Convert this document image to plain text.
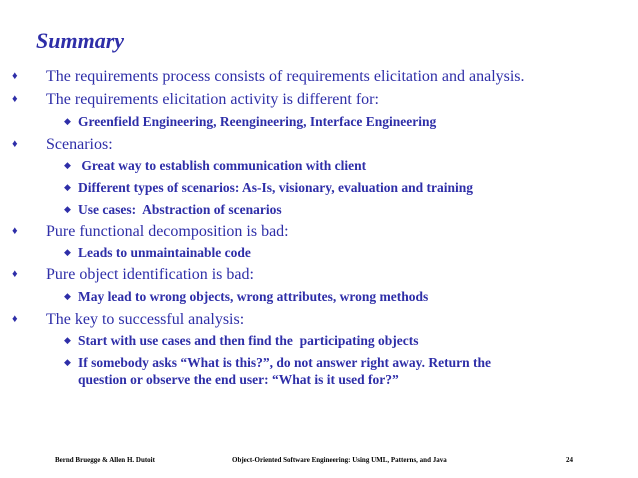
Summary
♦ The requirements process consists of requirements elicitation and analysis.
♦ The requirements elicitation activity is different for:
◆ Greenfield Engineering, Reengineering, Interface Engineering
♦ Scenarios:
◆ Great way to establish communication with client
◆ Different types of scenarios: As-Is, visionary, evaluation and training
◆ Use cases:  Abstraction of scenarios
♦ Pure functional decomposition is bad:
◆ Leads to unmaintainable code
♦ Pure object identification is bad:
◆ May lead to wrong objects, wrong attributes, wrong methods
♦ The key to successful analysis:
◆ Start with use cases and then find the  participating objects
◆ If somebody asks “What is this?”, do not answer right away. Return the
question or observe the end user: “What is it used for?”
Bernd Bruegge & Allen H. Dutoit	Object-Oriented Software Engineering: Using UML, Patterns, and Java	24
